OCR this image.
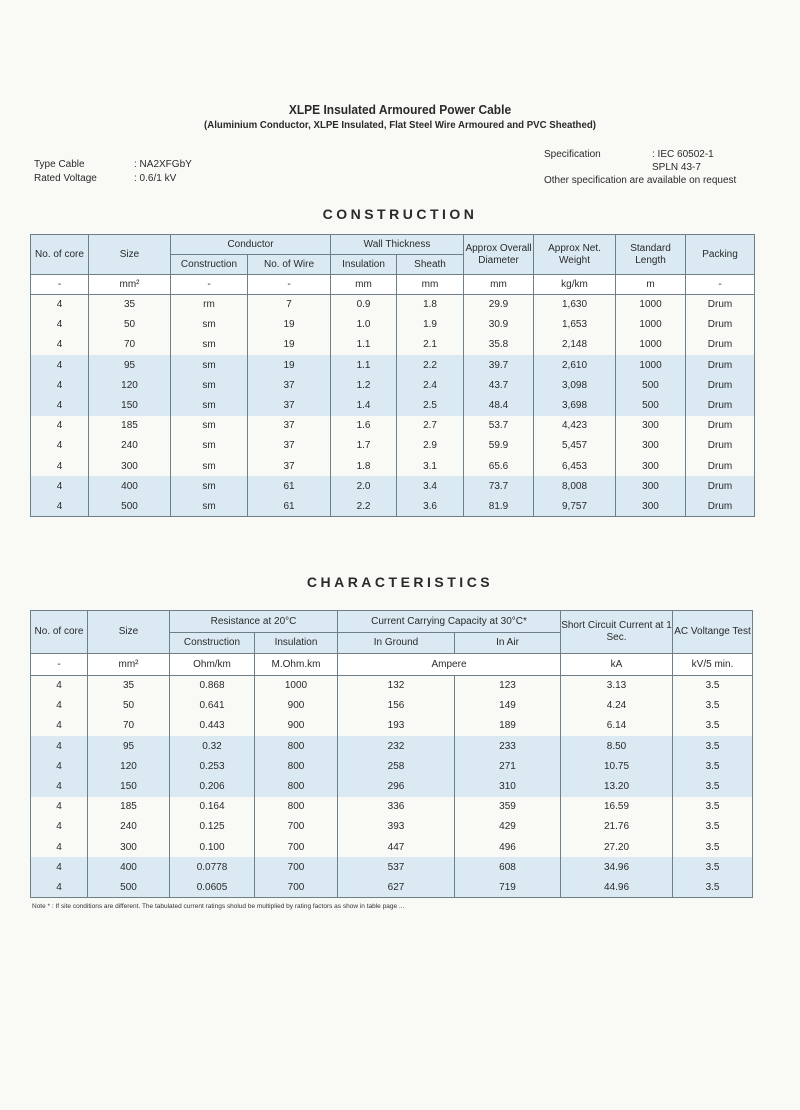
XLPE Insulated Armoured Power Cable
(Aluminium Conductor, XLPE Insulated, Flat Steel Wire Armoured and PVC Sheathed)
Type Cable	: NA2XFGbY
Rated Voltage	: 0.6/1 kV
Specification	: IEC 60502-1
SPLN 43-7
Other specification are available on request
CONSTRUCTION
No. of core	Size	Conductor		Wall Thickness		Approx Overall Diameter	Approx Net. Weight	Standard Length	Packing
		Construction	No. of Wire	Insulation	Sheath				
-	mm²	-	-	mm	mm	mm	kg/km	m	-
4	35	rm	7	0.9	1.8	29.9	1,630	1000	Drum
4	50	sm	19	1.0	1.9	30.9	1,653	1000	Drum
4	70	sm	19	1.1	2.1	35.8	2,148	1000	Drum
4	95	sm	19	1.1	2.2	39.7	2,610	1000	Drum
4	120	sm	37	1.2	2.4	43.7	3,098	500	Drum
4	150	sm	37	1.4	2.5	48.4	3,698	500	Drum
4	185	sm	37	1.6	2.7	53.7	4,423	300	Drum
4	240	sm	37	1.7	2.9	59.9	5,457	300	Drum
4	300	sm	37	1.8	3.1	65.6	6,453	300	Drum
4	400	sm	61	2.0	3.4	73.7	8,008	300	Drum
4	500	sm	61	2.2	3.6	81.9	9,757	300	Drum
CHARACTERISTICS
No. of core	Size	Resistance at 20°C		Current Carrying Capacity at 30°C*		Short Circuit Current at 1 Sec.	AC Voltange Test
		Construction	Insulation	In Ground	In Air		
-	mm²	Ohm/km	M.Ohm.km	Ampere		kA	kV/5 min.
4	35	0.868	1000	132	123	3.13	3.5
4	50	0.641	900	156	149	4.24	3.5
4	70	0.443	900	193	189	6.14	3.5
4	95	0.32	800	232	233	8.50	3.5
4	120	0.253	800	258	271	10.75	3.5
4	150	0.206	800	296	310	13.20	3.5
4	185	0.164	800	336	359	16.59	3.5
4	240	0.125	700	393	429	21.76	3.5
4	300	0.100	700	447	496	27.20	3.5
4	400	0.0778	700	537	608	34.96	3.5
4	500	0.0605	700	627	719	44.96	3.5
Note * : If site conditions are different. The tabulated current ratings sholud be multiplied by rating factors as show in table page ...
